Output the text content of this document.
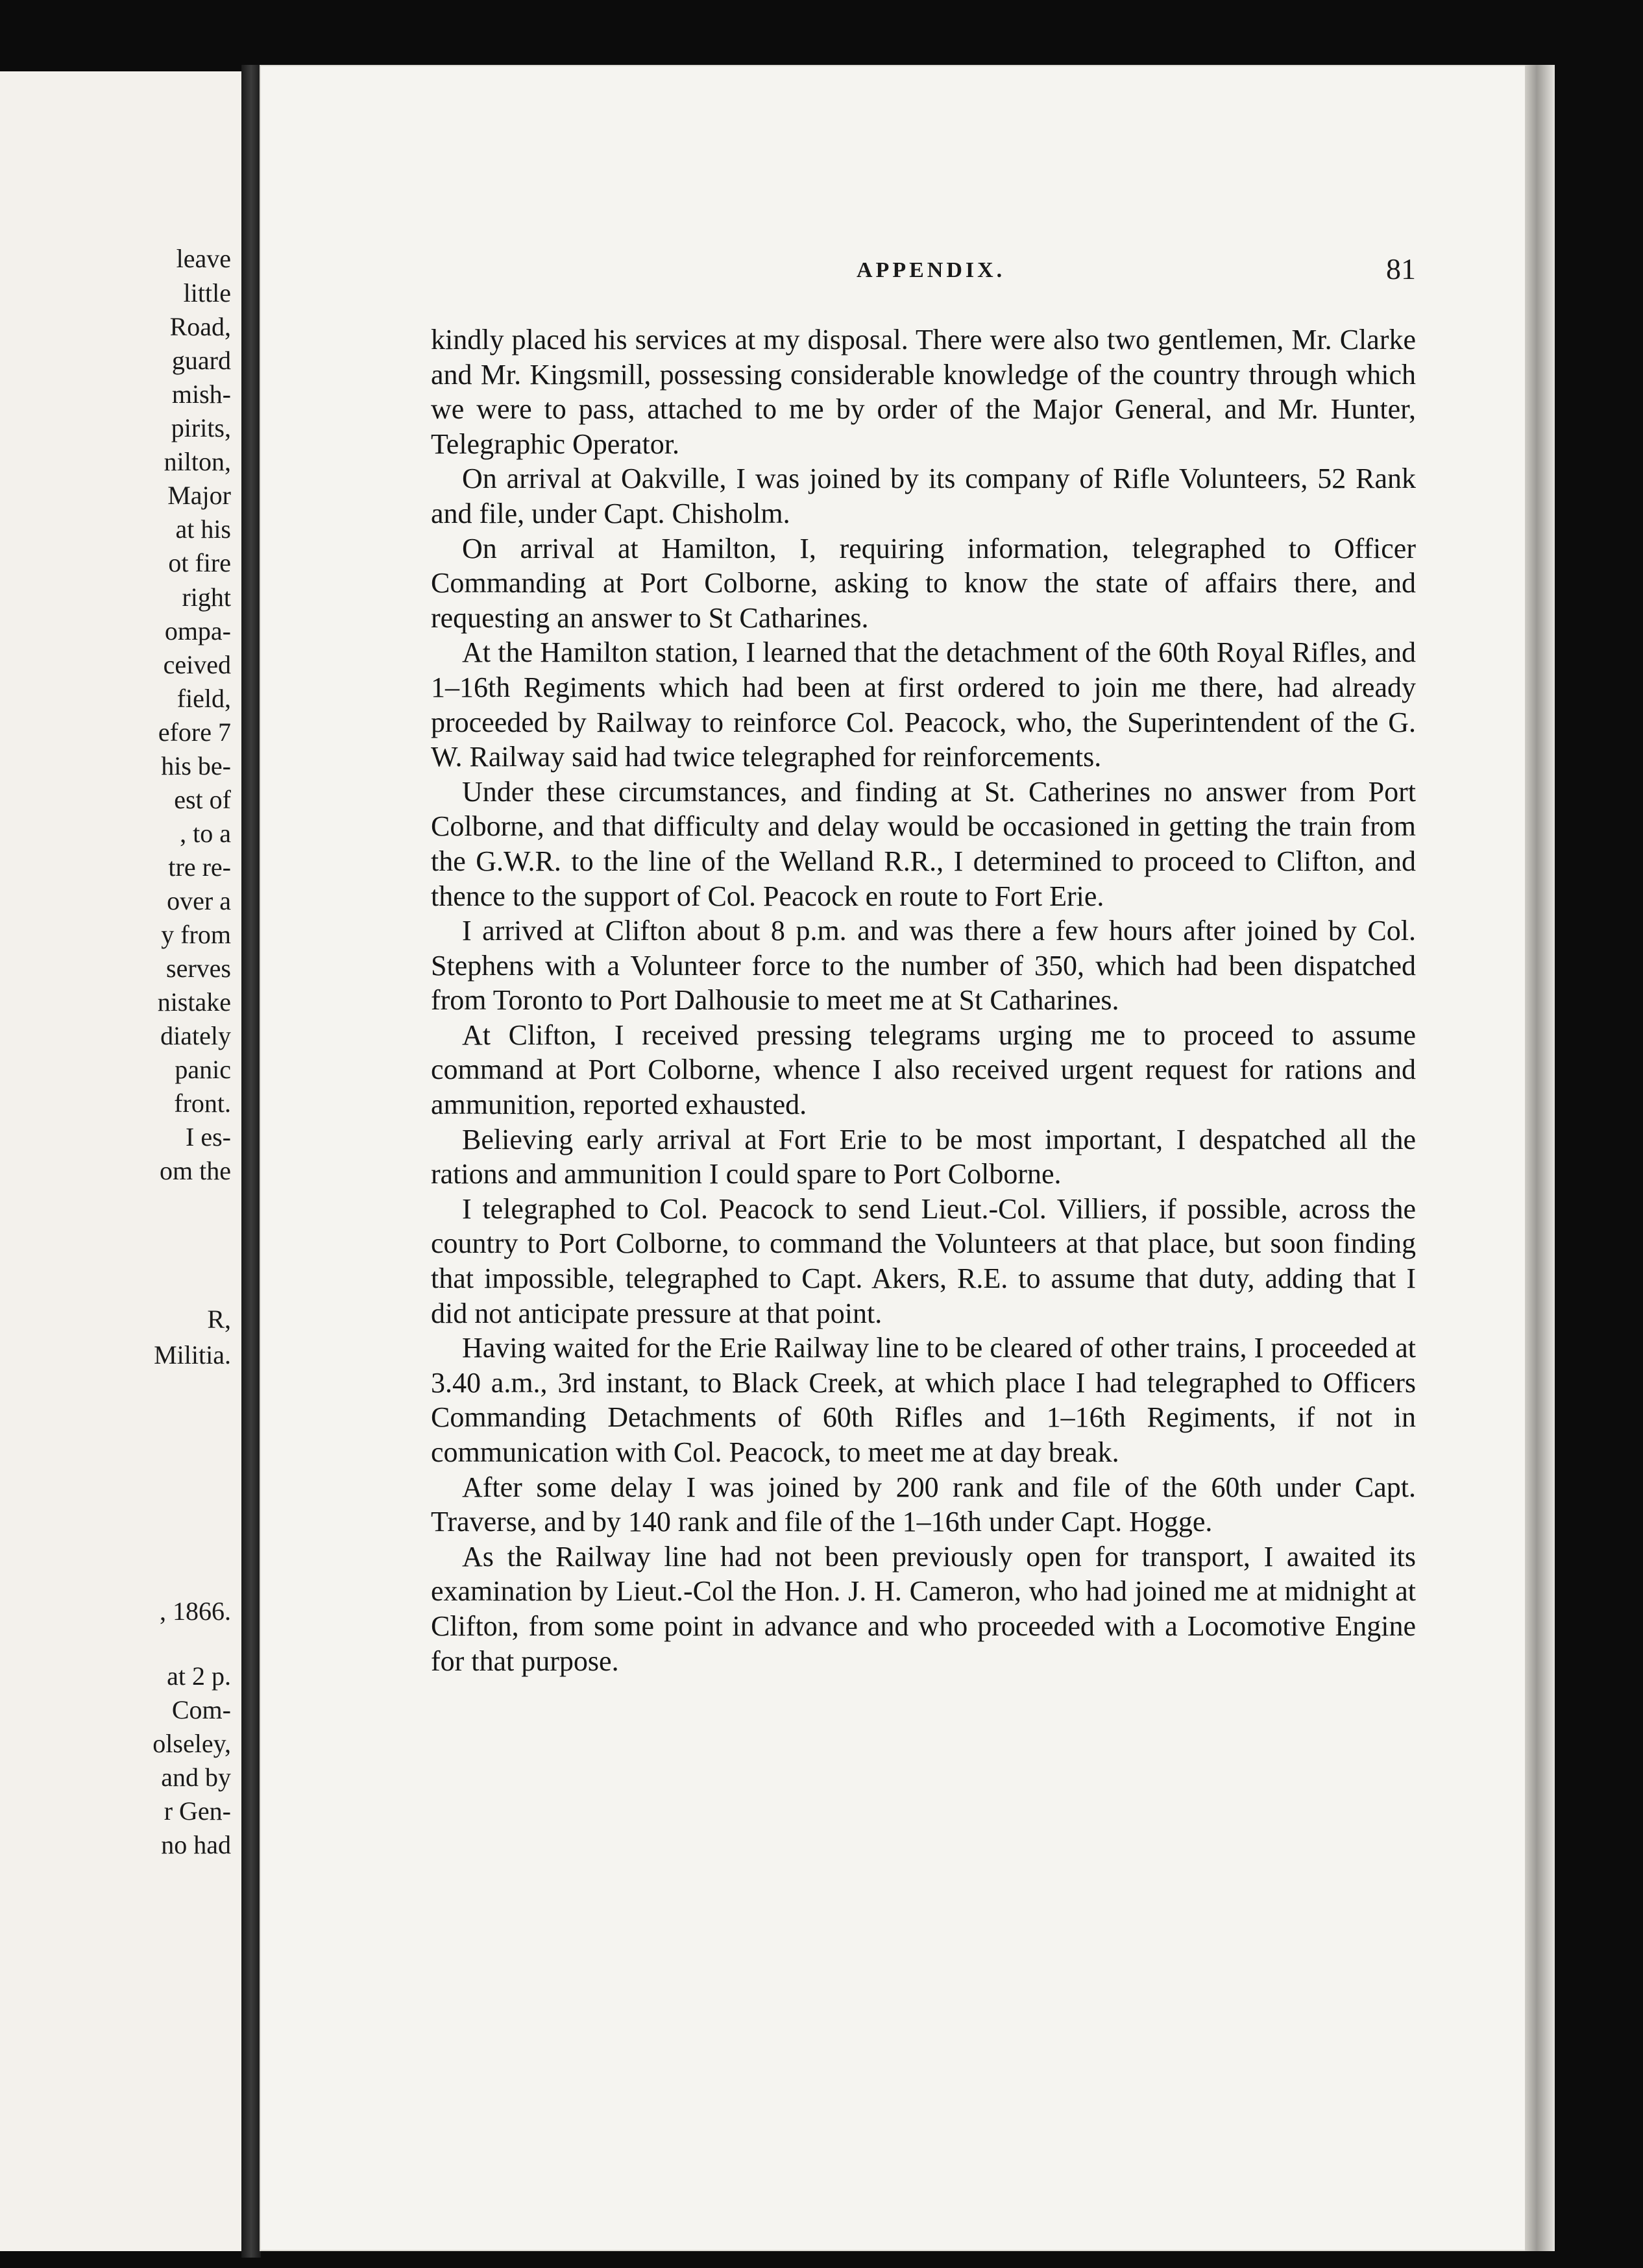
leave
little
Road,
guard
mish-
pirits,
nilton,
Major
at his
ot fire
right
ompa-
ceived
field,
efore 7
his be-
est of
, to a
tre re-
over a
y from
serves
nistake
diately
panic
front.
I es-
om the
R,
Militia.
, 1866.
at 2 p.
Com-
olseley,
and by
r Gen-
no had
APPENDIX.	81

kindly placed his services at my disposal. There were also two gentlemen, Mr. Clarke and Mr. Kingsmill, possessing considerable knowledge of the country through which we were to pass, attached to me by order of the Major General, and Mr. Hunter, Telegraphic Operator.

On arrival at Oakville, I was joined by its company of Rifle Volunteers, 52 Rank and file, under Capt. Chisholm.

On arrival at Hamilton, I, requiring information, telegraphed to Officer Commanding at Port Colborne, asking to know the state of affairs there, and requesting an answer to St Catharines.

At the Hamilton station, I learned that the detachment of the 60th Royal Rifles, and 1–16th Regiments which had been at first ordered to join me there, had already proceeded by Railway to reinforce Col. Peacock, who, the Superintendent of the G. W. Railway said had twice telegraphed for reinforcements.

Under these circumstances, and finding at St. Catherines no answer from Port Colborne, and that difficulty and delay would be occasioned in getting the train from the G.W.R. to the line of the Welland R.R., I determined to proceed to Clifton, and thence to the support of Col. Peacock en route to Fort Erie.

I arrived at Clifton about 8 p.m. and was there a few hours after joined by Col. Stephens with a Volunteer force to the number of 350, which had been dispatched from Toronto to Port Dalhousie to meet me at St Catharines.

At Clifton, I received pressing telegrams urging me to proceed to assume command at Port Colborne, whence I also received urgent request for rations and ammunition, reported exhausted.

Believing early arrival at Fort Erie to be most important, I despatched all the rations and ammunition I could spare to Port Colborne.

I telegraphed to Col. Peacock to send Lieut.-Col. Villiers, if possible, across the country to Port Colborne, to command the Volunteers at that place, but soon finding that impossible, telegraphed to Capt. Akers, R.E. to assume that duty, adding that I did not anticipate pressure at that point.

Having waited for the Erie Railway line to be cleared of other trains, I proceeded at 3.40 a.m., 3rd instant, to Black Creek, at which place I had telegraphed to Officers Commanding Detachments of 60th Rifles and 1–16th Regiments, if not in communication with Col. Peacock, to meet me at day break.

After some delay I was joined by 200 rank and file of the 60th under Capt. Traverse, and by 140 rank and file of the 1–16th under Capt. Hogge.

As the Railway line had not been previously open for transport, I awaited its examination by Lieut.-Col the Hon. J. H. Cameron, who had joined me at midnight at Clifton, from some point in advance and who proceeded with a Locomotive Engine for that purpose.
